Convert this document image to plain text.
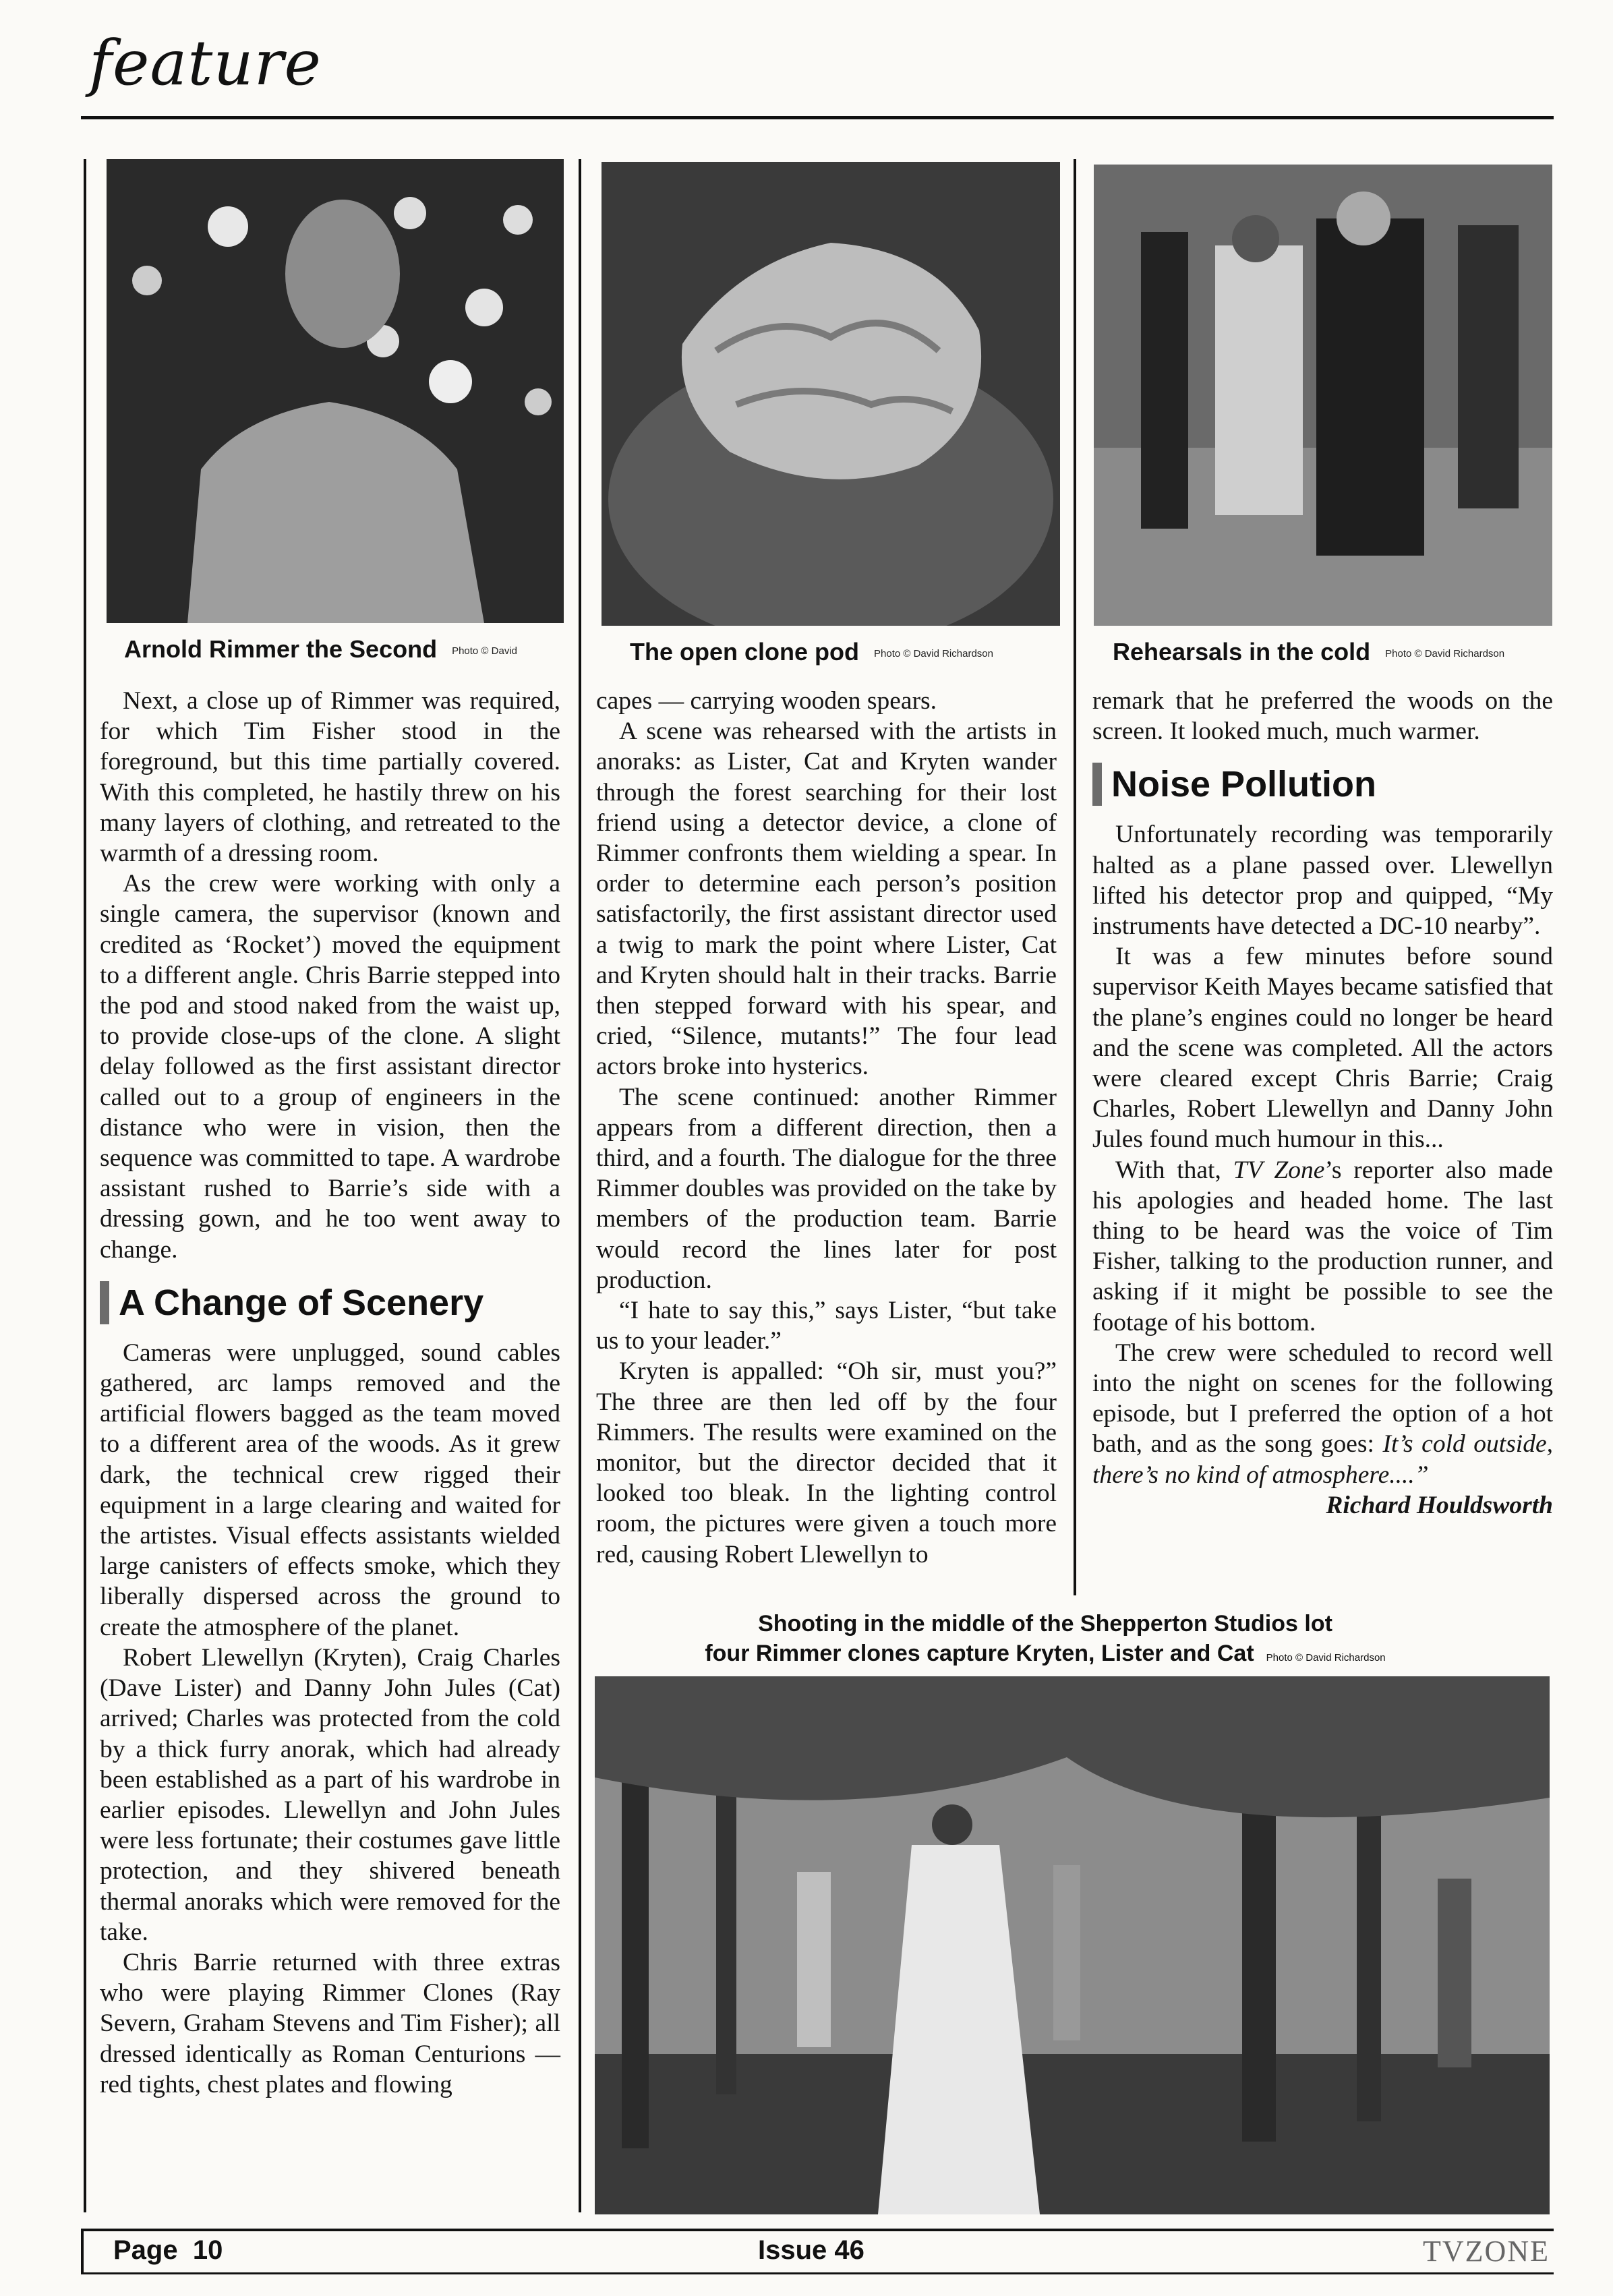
feature
Arnold Rimmer the Second Photo © David	The open clone pod Photo © David Richardson	Rehearsals in the cold Photo © David Richardson

Next, a close up of Rimmer was required, for which Tim Fisher stood in the foreground, but this time partially covered. With this completed, he hastily threw on his many layers of clothing, and retreated to the warmth of a dressing room.

As the crew were working with only a single camera, the supervisor (known and credited as ‘Rocket’) moved the equipment to a different angle. Chris Barrie stepped into the pod and stood naked from the waist up, to provide close-ups of the clone. A slight delay followed as the first assistant director called out to a group of engineers in the distance who were in vision, then the sequence was committed to tape. A wardrobe assistant rushed to Barrie’s side with a dressing gown, and he too went away to change.

A Change of Scenery

Cameras were unplugged, sound cables gathered, arc lamps removed and the artificial flowers bagged as the team moved to a different area of the woods. As it grew dark, the technical crew rigged their equipment in a large clearing and waited for the artistes. Visual effects assistants wielded large canisters of effects smoke, which they liberally dispersed across the ground to create the atmosphere of the planet.

Robert Llewellyn (Kryten), Craig Charles (Dave Lister) and Danny John Jules (Cat) arrived; Charles was protected from the cold by a thick furry anorak, which had already been established as a part of his wardrobe in earlier episodes. Llewellyn and John Jules were less fortunate; their costumes gave little protection, and they shivered beneath thermal anoraks which were removed for the take.

Chris Barrie returned with three extras who were playing Rimmer Clones (Ray Severn, Graham Stevens and Tim Fisher); all dressed identically as Roman Centurions — red tights, chest plates and flowing

capes — carrying wooden spears.

A scene was rehearsed with the artists in anoraks: as Lister, Cat and Kryten wander through the forest searching for their lost friend using a detector device, a clone of Rimmer confronts them wielding a spear. In order to determine each person’s position satisfactorily, the first assistant director used a twig to mark the point where Lister, Cat and Kryten should halt in their tracks. Barrie then stepped forward with his spear, and cried, “Silence, mutants!” The four lead actors broke into hysterics.

The scene continued: another Rimmer appears from a different direction, then a third, and a fourth. The dialogue for the three Rimmer doubles was provided on the take by members of the production team. Barrie would record the lines later for post production.

“I hate to say this,” says Lister, “but take us to your leader.”

Kryten is appalled: “Oh sir, must you?” The three are then led off by the four Rimmers. The results were examined on the monitor, but the director decided that it looked too bleak. In the lighting control room, the pictures were given a touch more red, causing Robert Llewellyn to

remark that he preferred the woods on the screen. It looked much, much warmer.

Noise Pollution

Unfortunately recording was temporarily halted as a plane passed over. Llewellyn lifted his detector prop and quipped, “My instruments have detected a DC-10 nearby”.

It was a few minutes before sound supervisor Keith Mayes became satisfied that the plane’s engines could no longer be heard and the scene was completed. All the actors were cleared except Chris Barrie; Craig Charles, Robert Llewellyn and Danny John Jules found much humour in this...

With that, TV Zone’s reporter also made his apologies and headed home. The last thing to be heard was the voice of Tim Fisher, talking to the production runner, and asking if it might be possible to see the footage of his bottom.

The crew were scheduled to record well into the night on scenes for the following episode, but I preferred the option of a hot bath, and as the song goes: It’s cold outside, there’s no kind of atmosphere....”

Richard Houldsworth

Shooting in the middle of the Shepperton Studios lot
four Rimmer clones capture Kryten, Lister and Cat Photo © David Richardson
Page  10	Issue 46	TVZONE
